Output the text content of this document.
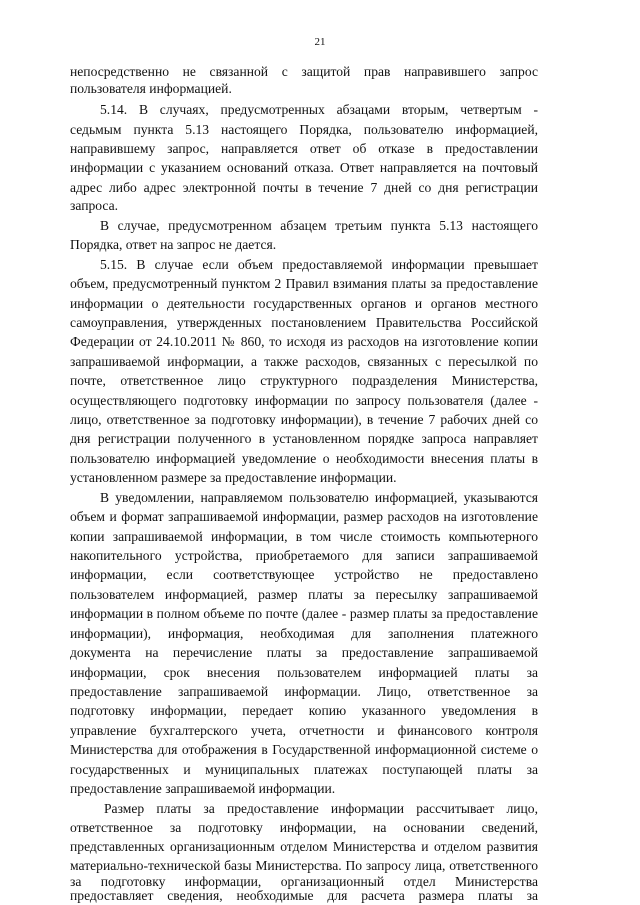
21
непосредственно не связанной с защитой прав направившего запрос
пользователя информацией.
5.14. В случаях, предусмотренных абзацами вторым, четвертым -
седьмым пункта 5.13 настоящего Порядка, пользователю информацией,
направившему запрос, направляется ответ об отказе в предоставлении
информации с указанием оснований отказа. Ответ направляется на почтовый
адрес либо адрес электронной почты в течение 7 дней со дня регистрации
запроса.
В случае, предусмотренном абзацем третьим пункта 5.13 настоящего
Порядка, ответ на запрос не дается.
5.15. В случае если объем предоставляемой информации превышает
объем, предусмотренный пунктом 2 Правил взимания платы за предоставление
информации о деятельности государственных органов и органов местного
самоуправления, утвержденных постановлением Правительства Российской
Федерации от 24.10.2011 № 860, то исходя из расходов на изготовление копии
запрашиваемой информации, а также расходов, связанных с пересылкой по
почте, ответственное лицо структурного подразделения Министерства,
осуществляющего подготовку информации по запросу пользователя (далее -
лицо, ответственное за подготовку информации), в течение 7 рабочих дней со
дня регистрации полученного в установленном порядке запроса направляет
пользователю информацией уведомление о необходимости внесения платы в
установленном размере за предоставление информации.
В уведомлении, направляемом пользователю информацией, указываются
объем и формат запрашиваемой информации, размер расходов на изготовление
копии запрашиваемой информации, в том числе стоимость компьютерного
накопительного устройства, приобретаемого для записи запрашиваемой
информации, если соответствующее устройство не предоставлено
пользователем информацией, размер платы за пересылку запрашиваемой
информации в полном объеме по почте (далее - размер платы за предоставление
информации), информация, необходимая для заполнения платежного
документа на перечисление платы за предоставление запрашиваемой
информации, срок внесения пользователем информацией платы за
предоставление запрашиваемой информации. Лицо, ответственное за
подготовку информации, передает копию указанного уведомления в
управление бухгалтерского учета, отчетности и финансового контроля
Министерства для отображения в Государственной информационной системе о
государственных и муниципальных платежах поступающей платы за
предоставление запрашиваемой информации.
Размер платы за предоставление информации рассчитывает лицо,
ответственное за подготовку информации, на основании сведений,
представленных организационным отделом Министерства и отделом развития
материально-технической базы Министерства. По запросу лица, ответственного
за подготовку информации, организационный отдел Министерства
предоставляет сведения, необходимые для расчета размера платы за
